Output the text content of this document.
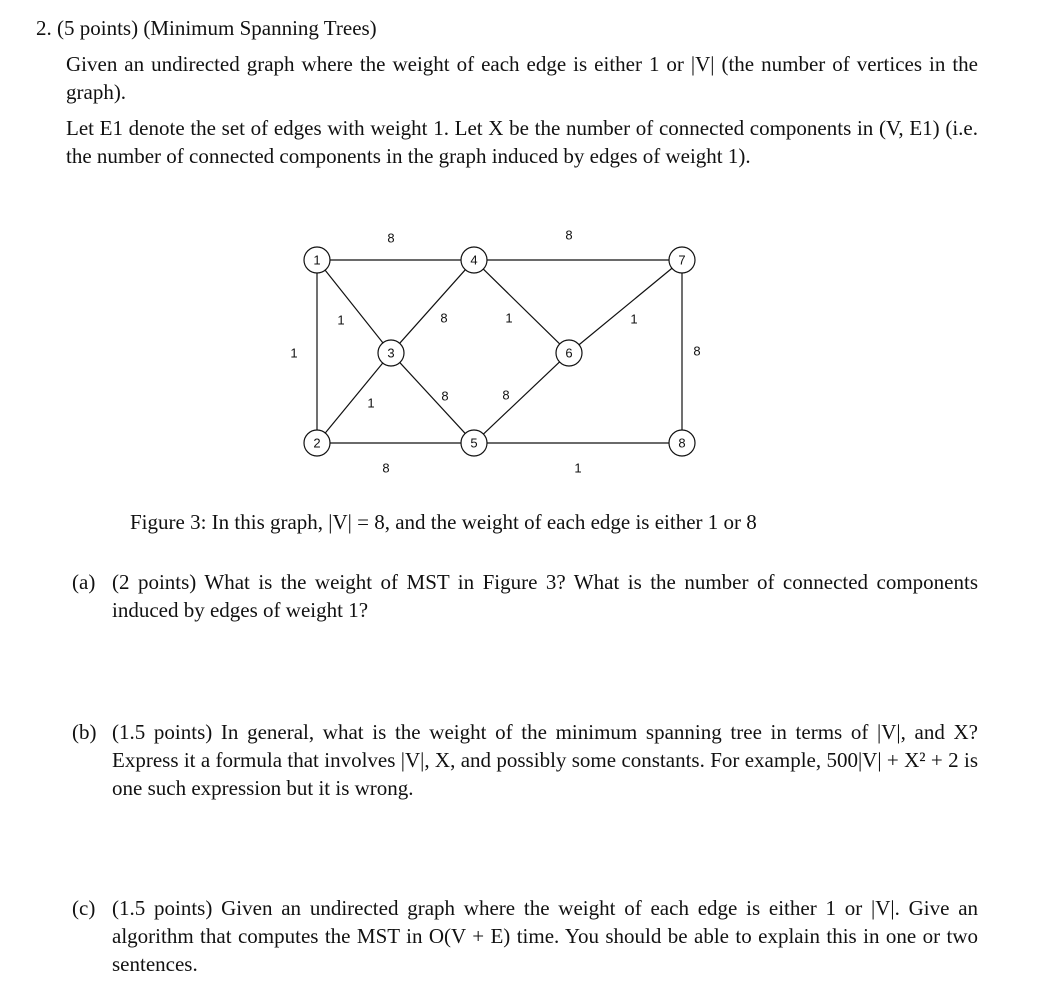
2. (5 points) (Minimum Spanning Trees)
Given an undirected graph where the weight of each edge is either 1 or |V| (the number of vertices in the graph).
Let E1 denote the set of edges with weight 1. Let X be the number of connected components in (V, E1) (i.e. the number of connected components in the graph induced by edges of weight 1).
1
2
3
4
5
6
7
8
8	8
1	8	1	1
1	8
1	8	8
8	1
Figure 3: In this graph, |V| = 8, and the weight of each edge is either 1 or 8
(a) (2 points) What is the weight of MST in Figure 3? What is the number of connected components induced by edges of weight 1?
(b) (1.5 points) In general, what is the weight of the minimum spanning tree in terms of |V|, and X? Express it a formula that involves |V|, X, and possibly some constants. For example, 500|V| + X² + 2 is one such expression but it is wrong.
(c) (1.5 points) Given an undirected graph where the weight of each edge is either 1 or |V|. Give an algorithm that computes the MST in O(V + E) time. You should be able to explain this in one or two sentences.
